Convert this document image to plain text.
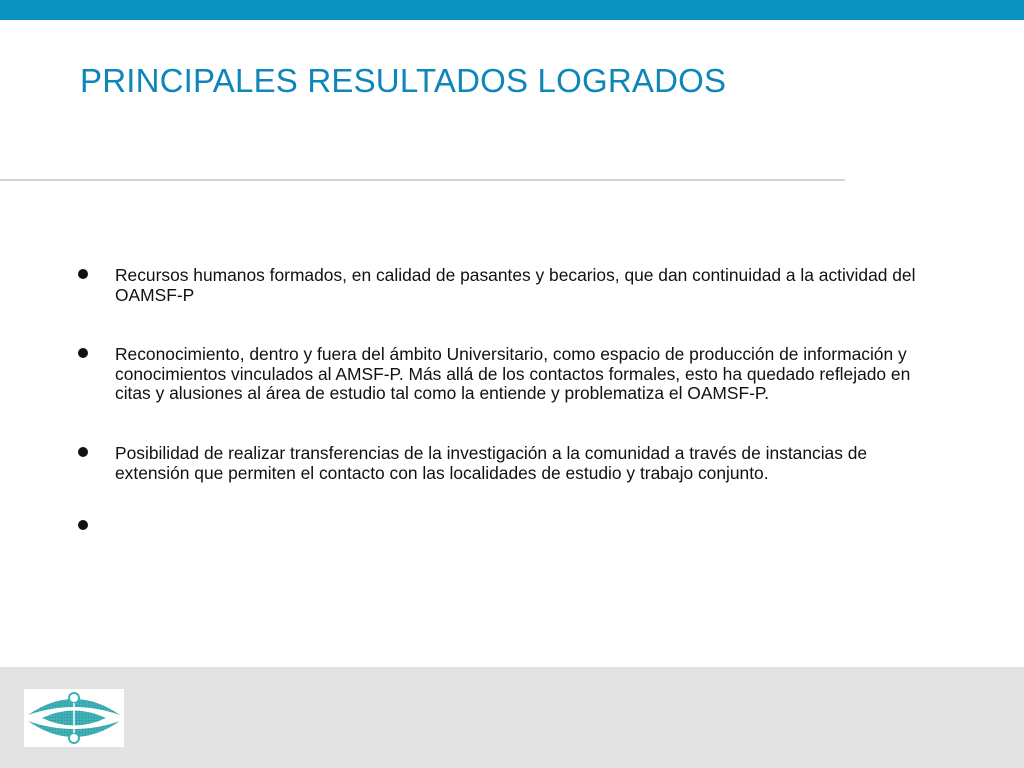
PRINCIPALES RESULTADOS LOGRADOS
Recursos humanos formados, en calidad de pasantes y becarios, que dan continuidad a la actividad del OAMSF-P
Reconocimiento, dentro y fuera del ámbito Universitario, como espacio de producción de información y conocimientos vinculados al AMSF-P. Más allá de los contactos formales, esto ha quedado reflejado en citas y alusiones al área de estudio tal como la entiende y problematiza el OAMSF-P.
Posibilidad de realizar transferencias de la investigación a la comunidad a través de instancias de extensión que permiten el contacto con las localidades de estudio y trabajo conjunto.
